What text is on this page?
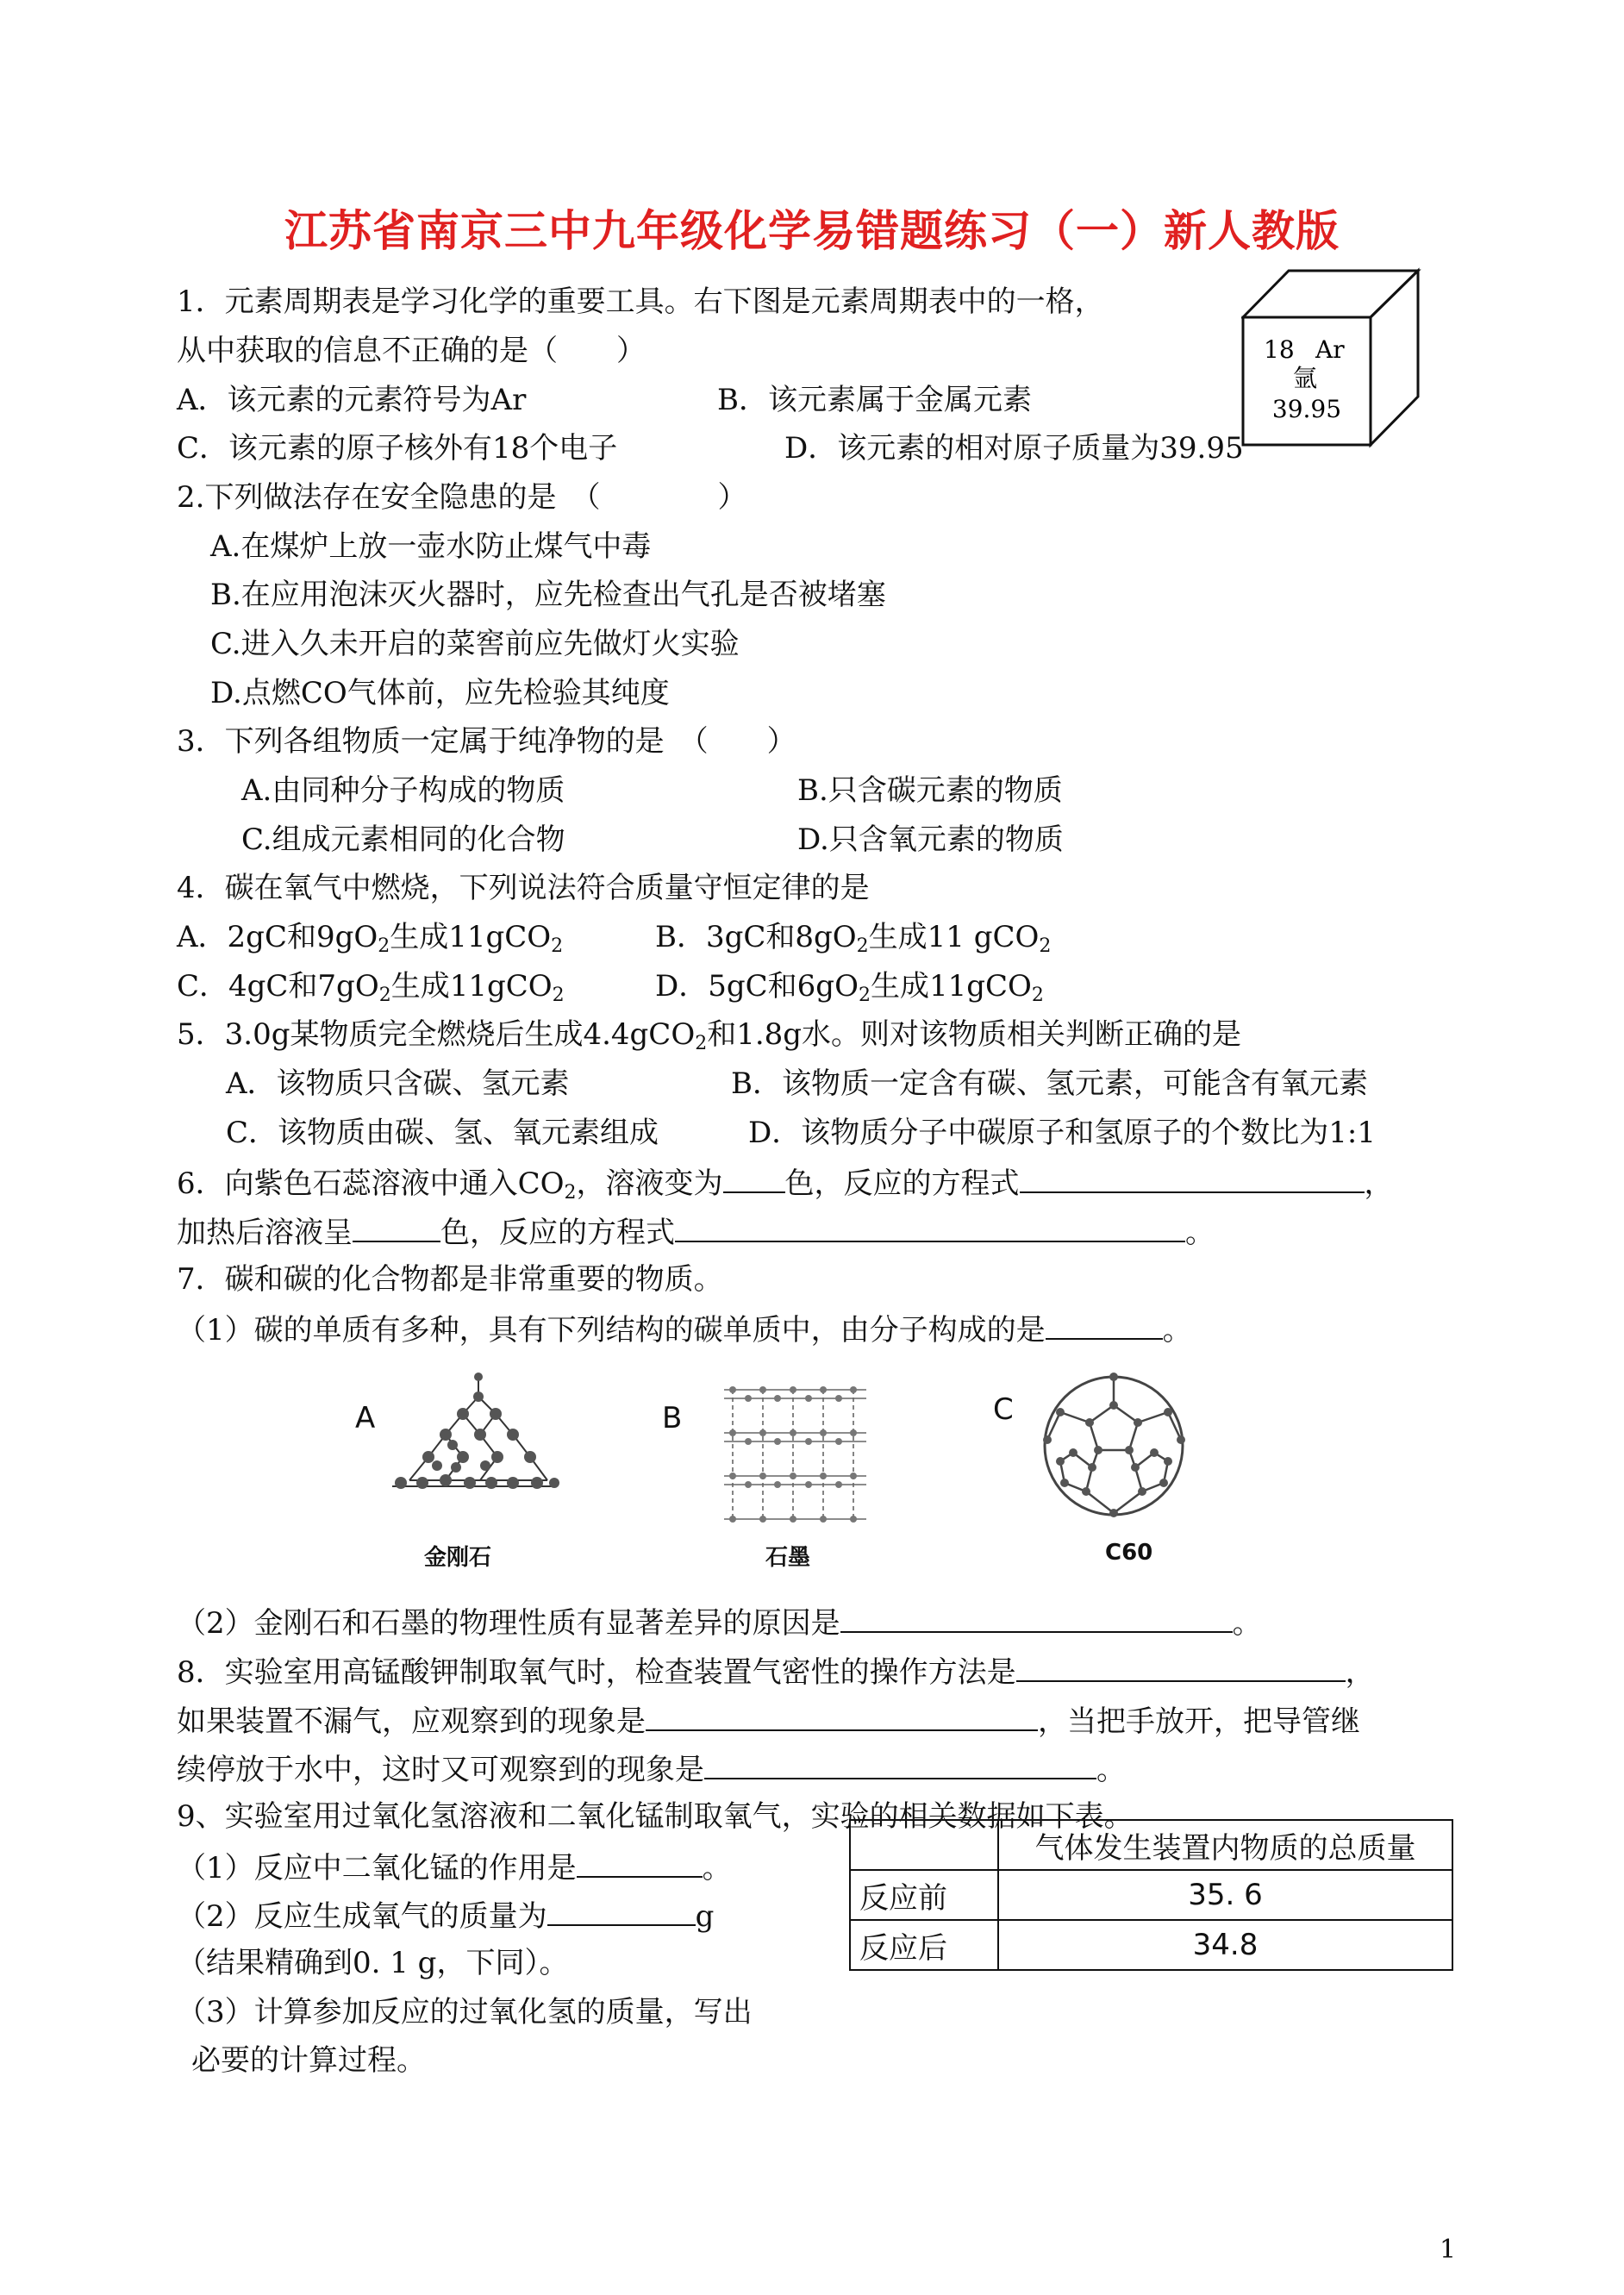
江苏省南京三中九年级化学易错题练习（一）新人教版
18 Ar
氩
39.95
1．元素周期表是学习化学的重要工具。右下图是元素周期表中的一格，
从中获取的信息不正确的是（　　）
A．该元素的元素符号为Ar	B．该元素属于金属元素
C．该元素的原子核外有18个电子	D．该元素的相对原子质量为39.95
2.下列做法存在安全隐患的是　（　　　　）
A.在煤炉上放一壶水防止煤气中毒
B.在应用泡沫灭火器时，应先检查出气孔是否被堵塞
C.进入久未开启的菜窖前应先做灯火实验
D.点燃CO气体前，应先检验其纯度
3．下列各组物质一定属于纯净物的是　（　　）
A.由同种分子构成的物质	B.只含碳元素的物质
C.组成元素相同的化合物	D.只含氧元素的物质
4．碳在氧气中燃烧，下列说法符合质量守恒定律的是
A．2gC和$9gO_2$生成11gCO$_2$	B．3gC和$8gO_2$生成11 gCO$_2$
C．4gC和$7gO_2$生成11gCO$_2$	D．5gC和$6gO_2$生成11gCO$_2$
5．3.0g某物质完全燃烧后生成4.4gCO$_2$和1.8g水。则对该物质相关判断正确的是
A．该物质只含碳、氢元素	B．该物质一定含有碳、氢元素，可能含有氧元素
C．该物质由碳、氢、氧元素组成	D．该物质分子中碳原子和氢原子的个数比为1:1
6．向紫色石蕊溶液中通入$CO_2$，溶液变为 色，反应的方程式	，
加热后溶液呈	色，反应的方程式	。
7．碳和碳的化合物都是非常重要的物质。
（1）碳的单质有多种，具有下列结构的碳单质中，由分子构成的是	。
A
金刚石
B
石墨
C
C60
（2）金刚石和石墨的物理性质有显著差异的原因是	。
8．实验室用高锰酸钾制取氧气时，检查装置气密性的操作方法是	，
如果装置不漏气，应观察到的现象是	，当把手放开，把导管继
续停放于水中，这时又可观察到的现象是	。
9、实验室用过氧化氢溶液和二氧化锰制取氧气，实验的相关数据如下表。
（1）反应中二氧化锰的作用是	。
（2）反应生成氧气的质量为	g
（结果精确到0. 1 g，下同）。
（3）计算参加反应的过氧化氢的质量，写出
必要的计算过程。
	气体发生装置内物质的总质量
反应前	35. 6
反应后	34.8
1
